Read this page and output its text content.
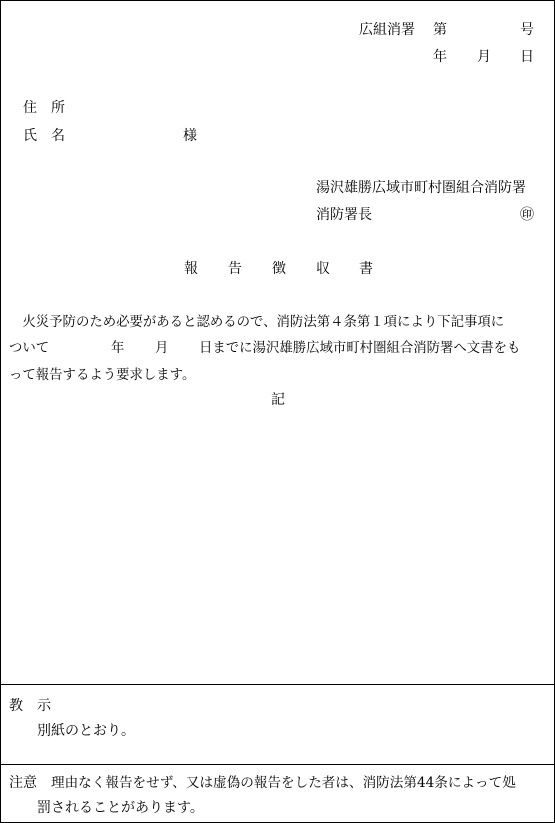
広組消署 第	号
年 月 日
住　所
氏　名	様
湯沢雄勝広域市町村圏組合消防署
消防署長	㊞
報 告 徴 収 書
　火災予防のため必要があると認めるので、消防法第４条第１項により下記事項に
ついて	年 月 日までに湯沢雄勝広域市町村圏組合消防署へ文書をも
って報告するよう要求します。
記
教　示
別紙のとおり。
注意 理由なく報告をせず、又は虚偽の報告をした者は、消防法第44条によって処
罰されることがあります。
